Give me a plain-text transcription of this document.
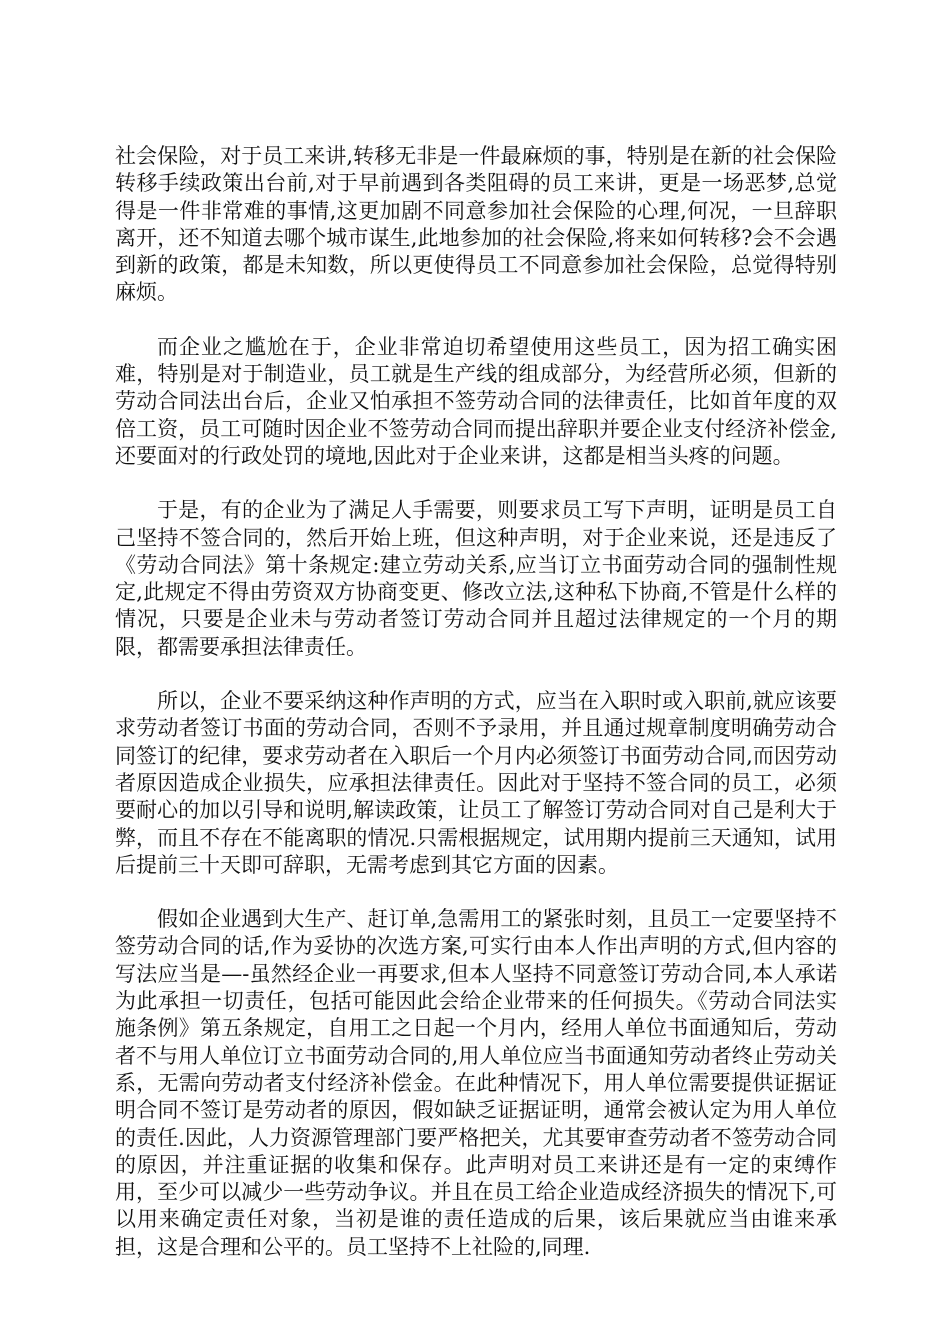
社会保险，对于员工来讲,转移无非是一件最麻烦的事，特别是在新的社会保险转移手续政策出台前,对于早前遇到各类阻碍的员工来讲，更是一场恶梦,总觉得是一件非常难的事情,这更加剧不同意参加社会保险的心理,何况，一旦辞职离开，还不知道去哪个城市谋生,此地参加的社会保险,将来如何转移?会不会遇到新的政策，都是未知数，所以更使得员工不同意参加社会保险，总觉得特别麻烦。

而企业之尴尬在于，企业非常迫切希望使用这些员工，因为招工确实困难，特别是对于制造业，员工就是生产线的组成部分，为经营所必须，但新的劳动合同法出台后，企业又怕承担不签劳动合同的法律责任，比如首年度的双倍工资，员工可随时因企业不签劳动合同而提出辞职并要企业支付经济补偿金,还要面对的行政处罚的境地,因此对于企业来讲，这都是相当头疼的问题。

于是，有的企业为了满足人手需要，则要求员工写下声明，证明是员工自己坚持不签合同的，然后开始上班，但这种声明，对于企业来说，还是违反了《劳动合同法》第十条规定:建立劳动关系,应当订立书面劳动合同的强制性规定,此规定不得由劳资双方协商变更、修改立法,这种私下协商,不管是什么样的情况，只要是企业未与劳动者签订劳动合同并且超过法律规定的一个月的期限，都需要承担法律责任。

所以，企业不要采纳这种作声明的方式，应当在入职时或入职前,就应该要求劳动者签订书面的劳动合同，否则不予录用，并且通过规章制度明确劳动合同签订的纪律，要求劳动者在入职后一个月内必须签订书面劳动合同,而因劳动者原因造成企业损失，应承担法律责任。因此对于坚持不签合同的员工，必须要耐心的加以引导和说明,解读政策，让员工了解签订劳动合同对自己是利大于弊，而且不存在不能离职的情况.只需根据规定，试用期内提前三天通知，试用后提前三十天即可辞职，无需考虑到其它方面的因素。

假如企业遇到大生产、赶订单,急需用工的紧张时刻，且员工一定要坚持不签劳动合同的话,作为妥协的次选方案,可实行由本人作出声明的方式,但内容的写法应当是—-虽然经企业一再要求,但本人坚持不同意签订劳动合同,本人承诺为此承担一切责任，包括可能因此会给企业带来的任何损失。《劳动合同法实施条例》第五条规定，自用工之日起一个月内，经用人单位书面通知后，劳动者不与用人单位订立书面劳动合同的,用人单位应当书面通知劳动者终止劳动关系，无需向劳动者支付经济补偿金。在此种情况下，用人单位需要提供证据证明合同不签订是劳动者的原因，假如缺乏证据证明，通常会被认定为用人单位的责任.因此，人力资源管理部门要严格把关，尤其要审查劳动者不签劳动合同的原因，并注重证据的收集和保存。此声明对员工来讲还是有一定的束缚作用，至少可以减少一些劳动争议。并且在员工给企业造成经济损失的情况下,可以用来确定责任对象，当初是谁的责任造成的后果，该后果就应当由谁来承担，这是合理和公平的。员工坚持不上社险的,同理.
